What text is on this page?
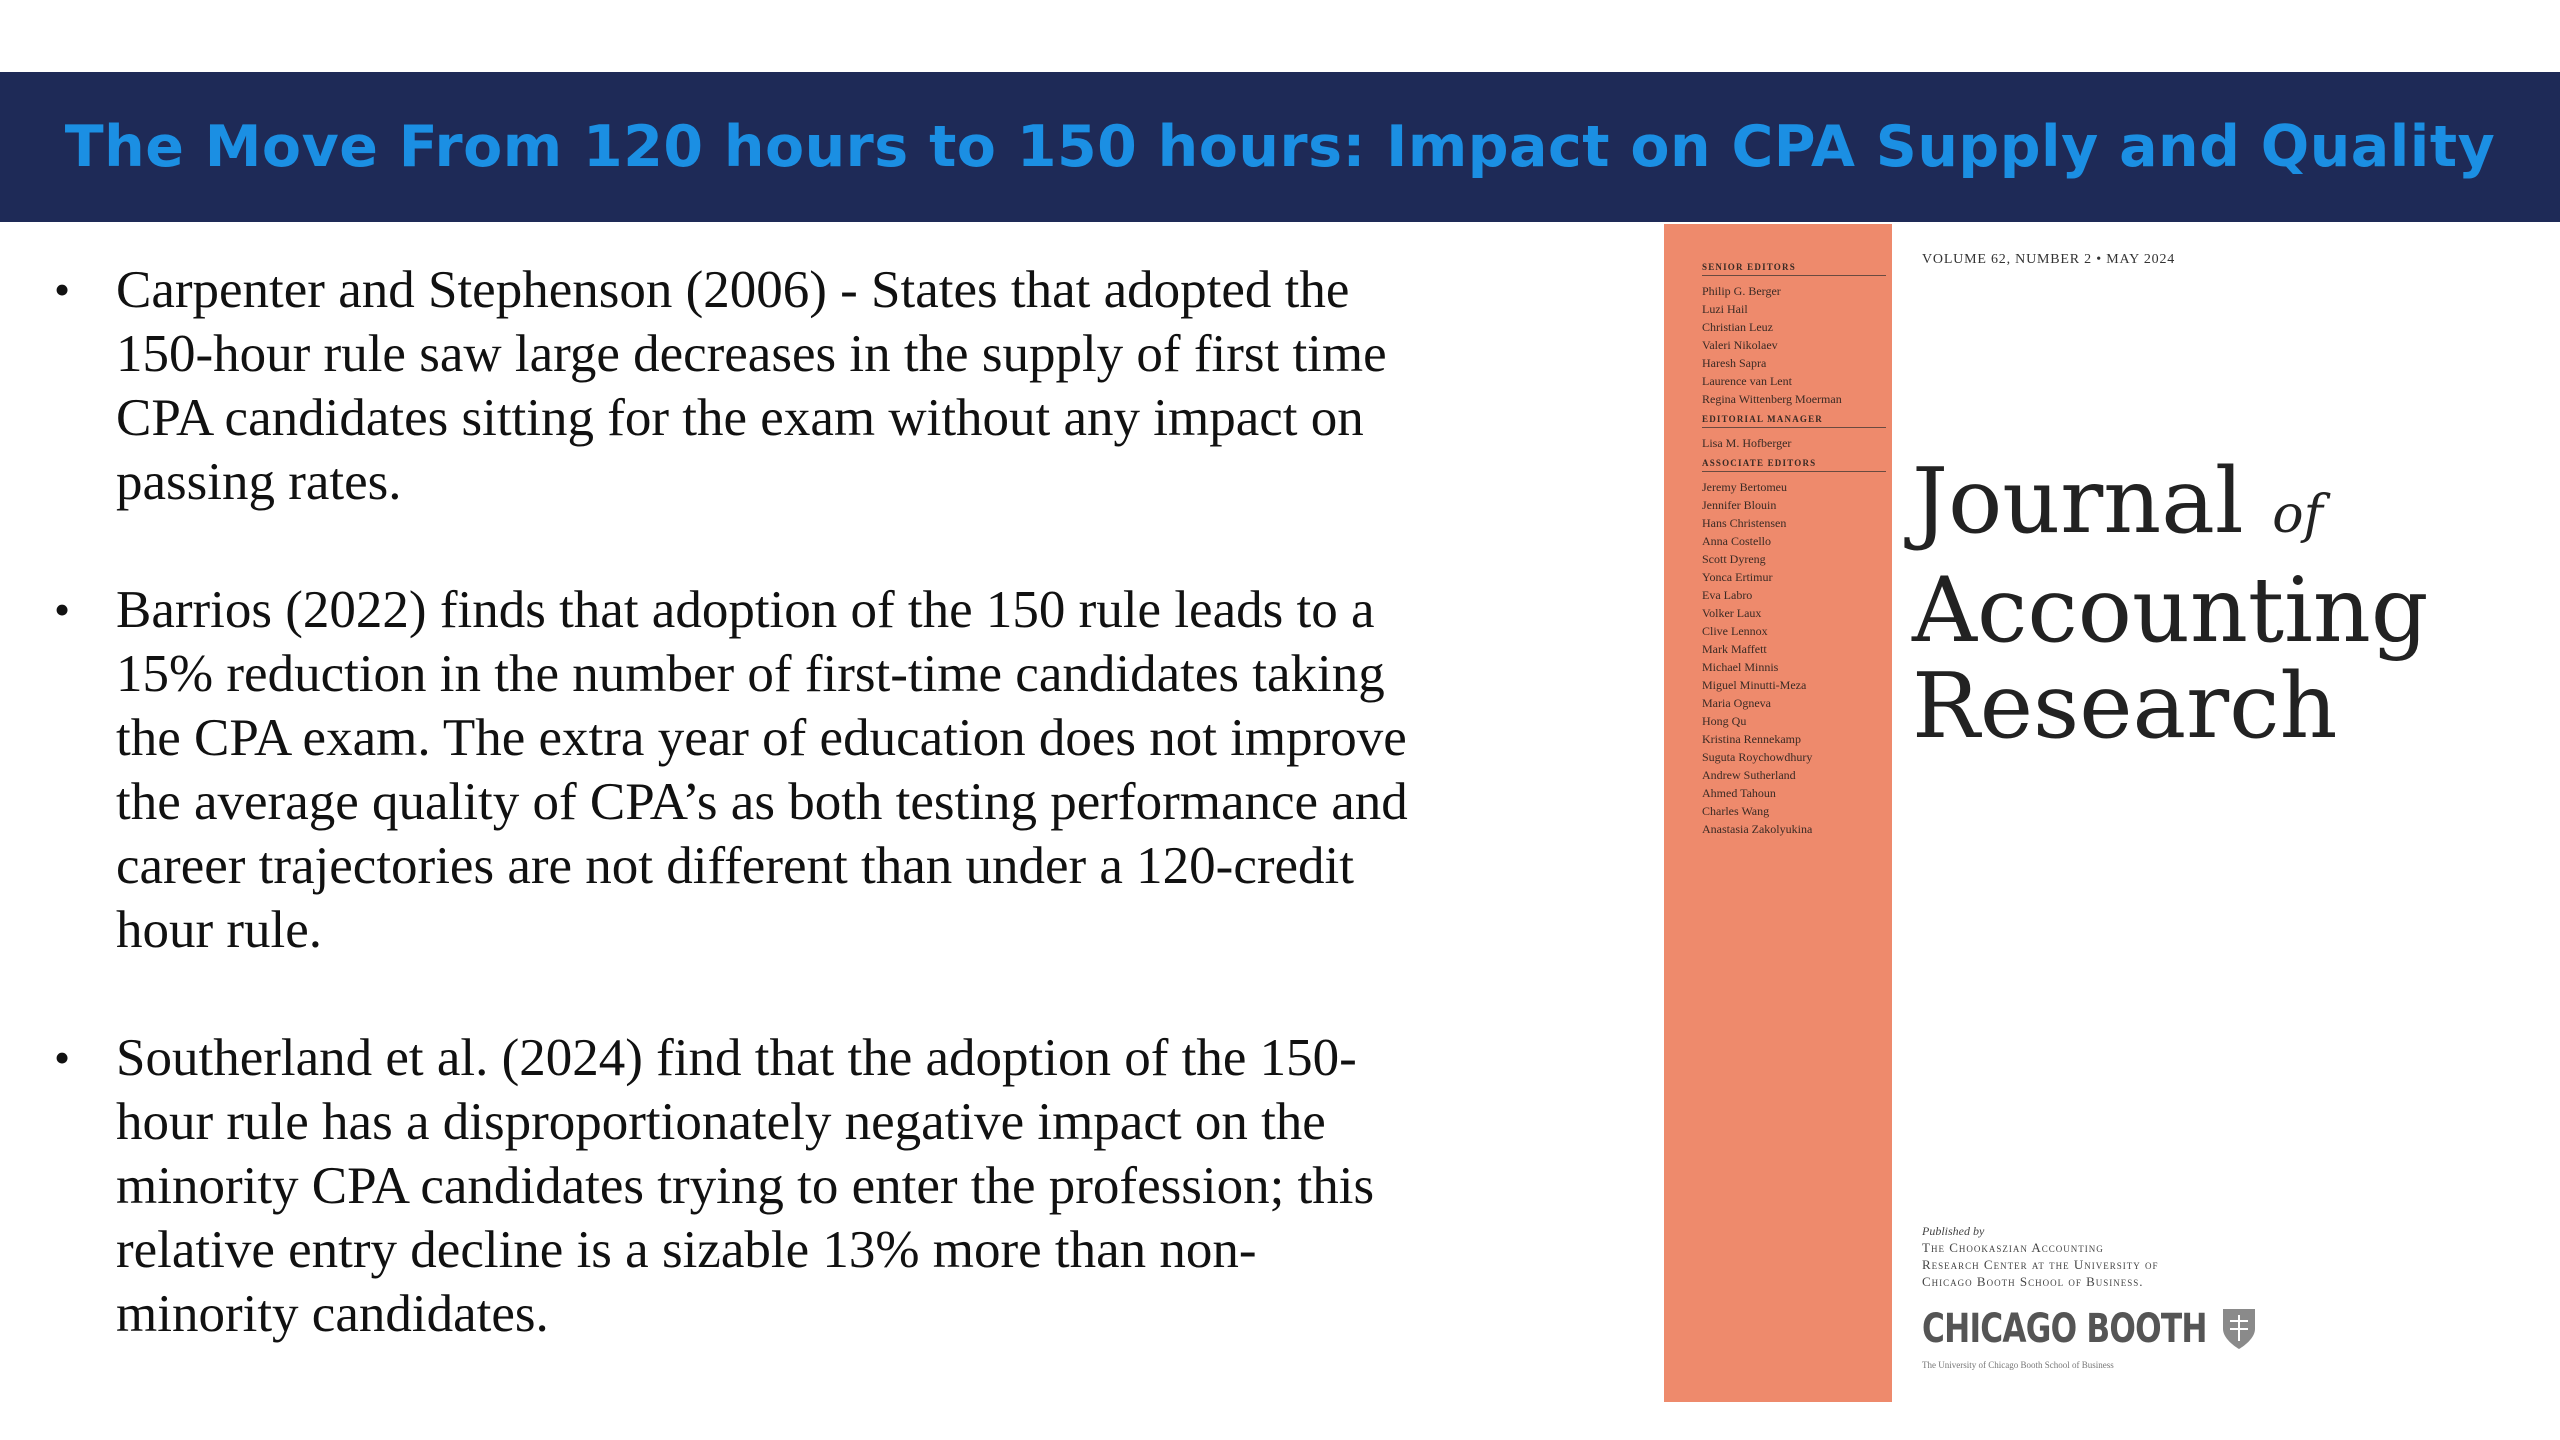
The Move From 120 hours to 150 hours: Impact on CPA Supply and Quality
• Carpenter and Stephenson (2006) - States that adopted the
150-hour rule saw large decreases in the supply of first time
CPA candidates sitting for the exam without any impact on
passing rates.
• Barrios (2022) finds that adoption of the 150 rule leads to a
15% reduction in the number of first-time candidates taking
the CPA exam. The extra year of education does not improve
the average quality of CPA’s as both testing performance and
career trajectories are not different than under a 120-credit
hour rule.
• Southerland et al. (2024) find that the adoption of the 150-
hour rule has a disproportionately negative impact on the
minority CPA candidates trying to enter the profession; this
relative entry decline is a sizable 13% more than non-
minority candidates.
SENIOR EDITORS
Philip G. Berger
Luzi Hail
Christian Leuz
Valeri Nikolaev
Haresh Sapra
Laurence van Lent
Regina Wittenberg Moerman
EDITORIAL MANAGER
Lisa M. Hofberger
ASSOCIATE EDITORS
Jeremy Bertomeu
Jennifer Blouin
Hans Christensen
Anna Costello
Scott Dyreng
Yonca Ertimur
Eva Labro
Volker Laux
Clive Lennox
Mark Maffett
Michael Minnis
Miguel Minutti-Meza
Maria Ogneva
Hong Qu
Kristina Rennekamp
Suguta Roychowdhury
Andrew Sutherland
Ahmed Tahoun
Charles Wang
Anastasia Zakolyukina
VOLUME 62, NUMBER 2 • MAY 2024
Journal of
Accounting
Research
Published by
The Chookaszian Accounting
Research Center at the University of
Chicago Booth School of Business.
CHICAGO BOOTH
The University of Chicago Booth School of Business
